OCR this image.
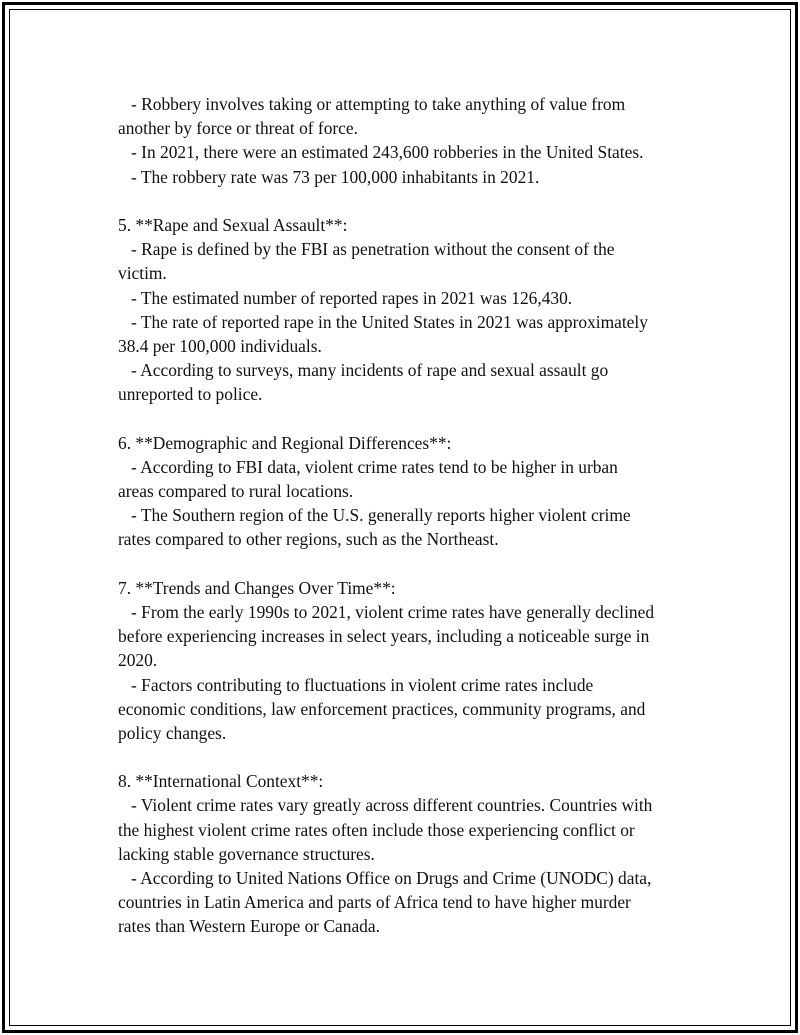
- Robbery involves taking or attempting to take anything of value from
another by force or threat of force.
- In 2021, there were an estimated 243,600 robberies in the United States.
- The robbery rate was 73 per 100,000 inhabitants in 2021.
5. **Rape and Sexual Assault**:
- Rape is defined by the FBI as penetration without the consent of the
victim.
- The estimated number of reported rapes in 2021 was 126,430.
- The rate of reported rape in the United States in 2021 was approximately
38.4 per 100,000 individuals.
- According to surveys, many incidents of rape and sexual assault go
unreported to police.
6. **Demographic and Regional Differences**:
- According to FBI data, violent crime rates tend to be higher in urban
areas compared to rural locations.
- The Southern region of the U.S. generally reports higher violent crime
rates compared to other regions, such as the Northeast.
7. **Trends and Changes Over Time**:
- From the early 1990s to 2021, violent crime rates have generally declined
before experiencing increases in select years, including a noticeable surge in
2020.
- Factors contributing to fluctuations in violent crime rates include
economic conditions, law enforcement practices, community programs, and
policy changes.
8. **International Context**:
- Violent crime rates vary greatly across different countries. Countries with
the highest violent crime rates often include those experiencing conflict or
lacking stable governance structures.
- According to United Nations Office on Drugs and Crime (UNODC) data,
countries in Latin America and parts of Africa tend to have higher murder
rates than Western Europe or Canada.
